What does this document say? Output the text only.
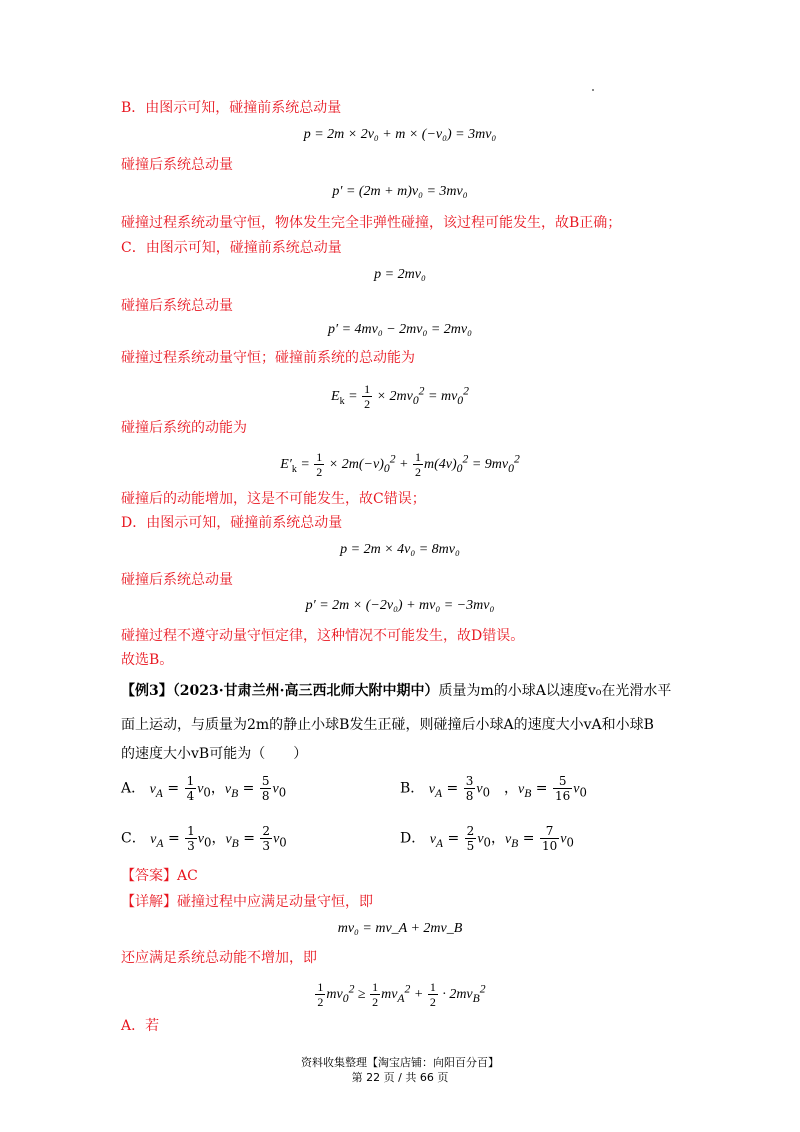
B．由图示可知，碰撞前系统总动量
p = 2m × 2v₀ + m × (−v₀) = 3mv₀
碰撞后系统总动量
p′ = (2m + m)v₀ = 3mv₀
碰撞过程系统动量守恒，物体发生完全非弹性碰撞，该过程可能发生，故B正确；
C．由图示可知，碰撞前系统总动量
p = 2mv₀
碰撞后系统总动量
p′ = 4mv₀ − 2mv₀ = 2mv₀
碰撞过程系统动量守恒；碰撞前系统的总动能为
$E_k = \frac{1}{2} \times 2mv_0^2 = mv_0^2$
碰撞后系统的动能为
$E'_k = \frac{1}{2} \times 2m(-v)_0^2 + \frac{1}{2} m(4v)_0^2 = 9mv_0^2$
碰撞后的动能增加，这是不可能发生，故C错误；
D．由图示可知，碰撞前系统总动量
p = 2m × 4v₀ = 8mv₀
碰撞后系统总动量
p′ = 2m × (−2v₀) + mv₀ = −3mv₀
碰撞过程不遵守动量守恒定律，这种情况不可能发生，故D错误。
故选B。
【例3】（2023·甘肃兰州·高三西北师大附中期中）质量为m的小球A以速度v₀在光滑水平
面上运动，与质量为2m的静止小球B发生正碰，则碰撞后小球A的速度大小vA和小球B
的速度大小vB可能为（　　）
A． $v_A = \frac{1}{4} v_0$，$v_B = \frac{5}{8} v_0$	B． $v_A = \frac{3}{8} v_0$　，$v_B = \frac{5}{16} v_0$
C． $v_A = \frac{1}{3} v_0$，$v_B = \frac{2}{3} v_0$	D． $v_A = \frac{2}{5} v_0$，$v_B = \frac{7}{10} v_0$
【答案】AC
【详解】碰撞过程中应满足动量守恒，即
mv₀ = mv_A + 2mv_B
还应满足系统总动能不增加，即
$\frac{1}{2} mv_0^2 \ge \frac{1}{2} mv_A^2 + \frac{1}{2} \cdot 2mv_B^2$
A．若
资料收集整理【淘宝店铺：向阳百分百】
第 22 页 / 共 66 页
